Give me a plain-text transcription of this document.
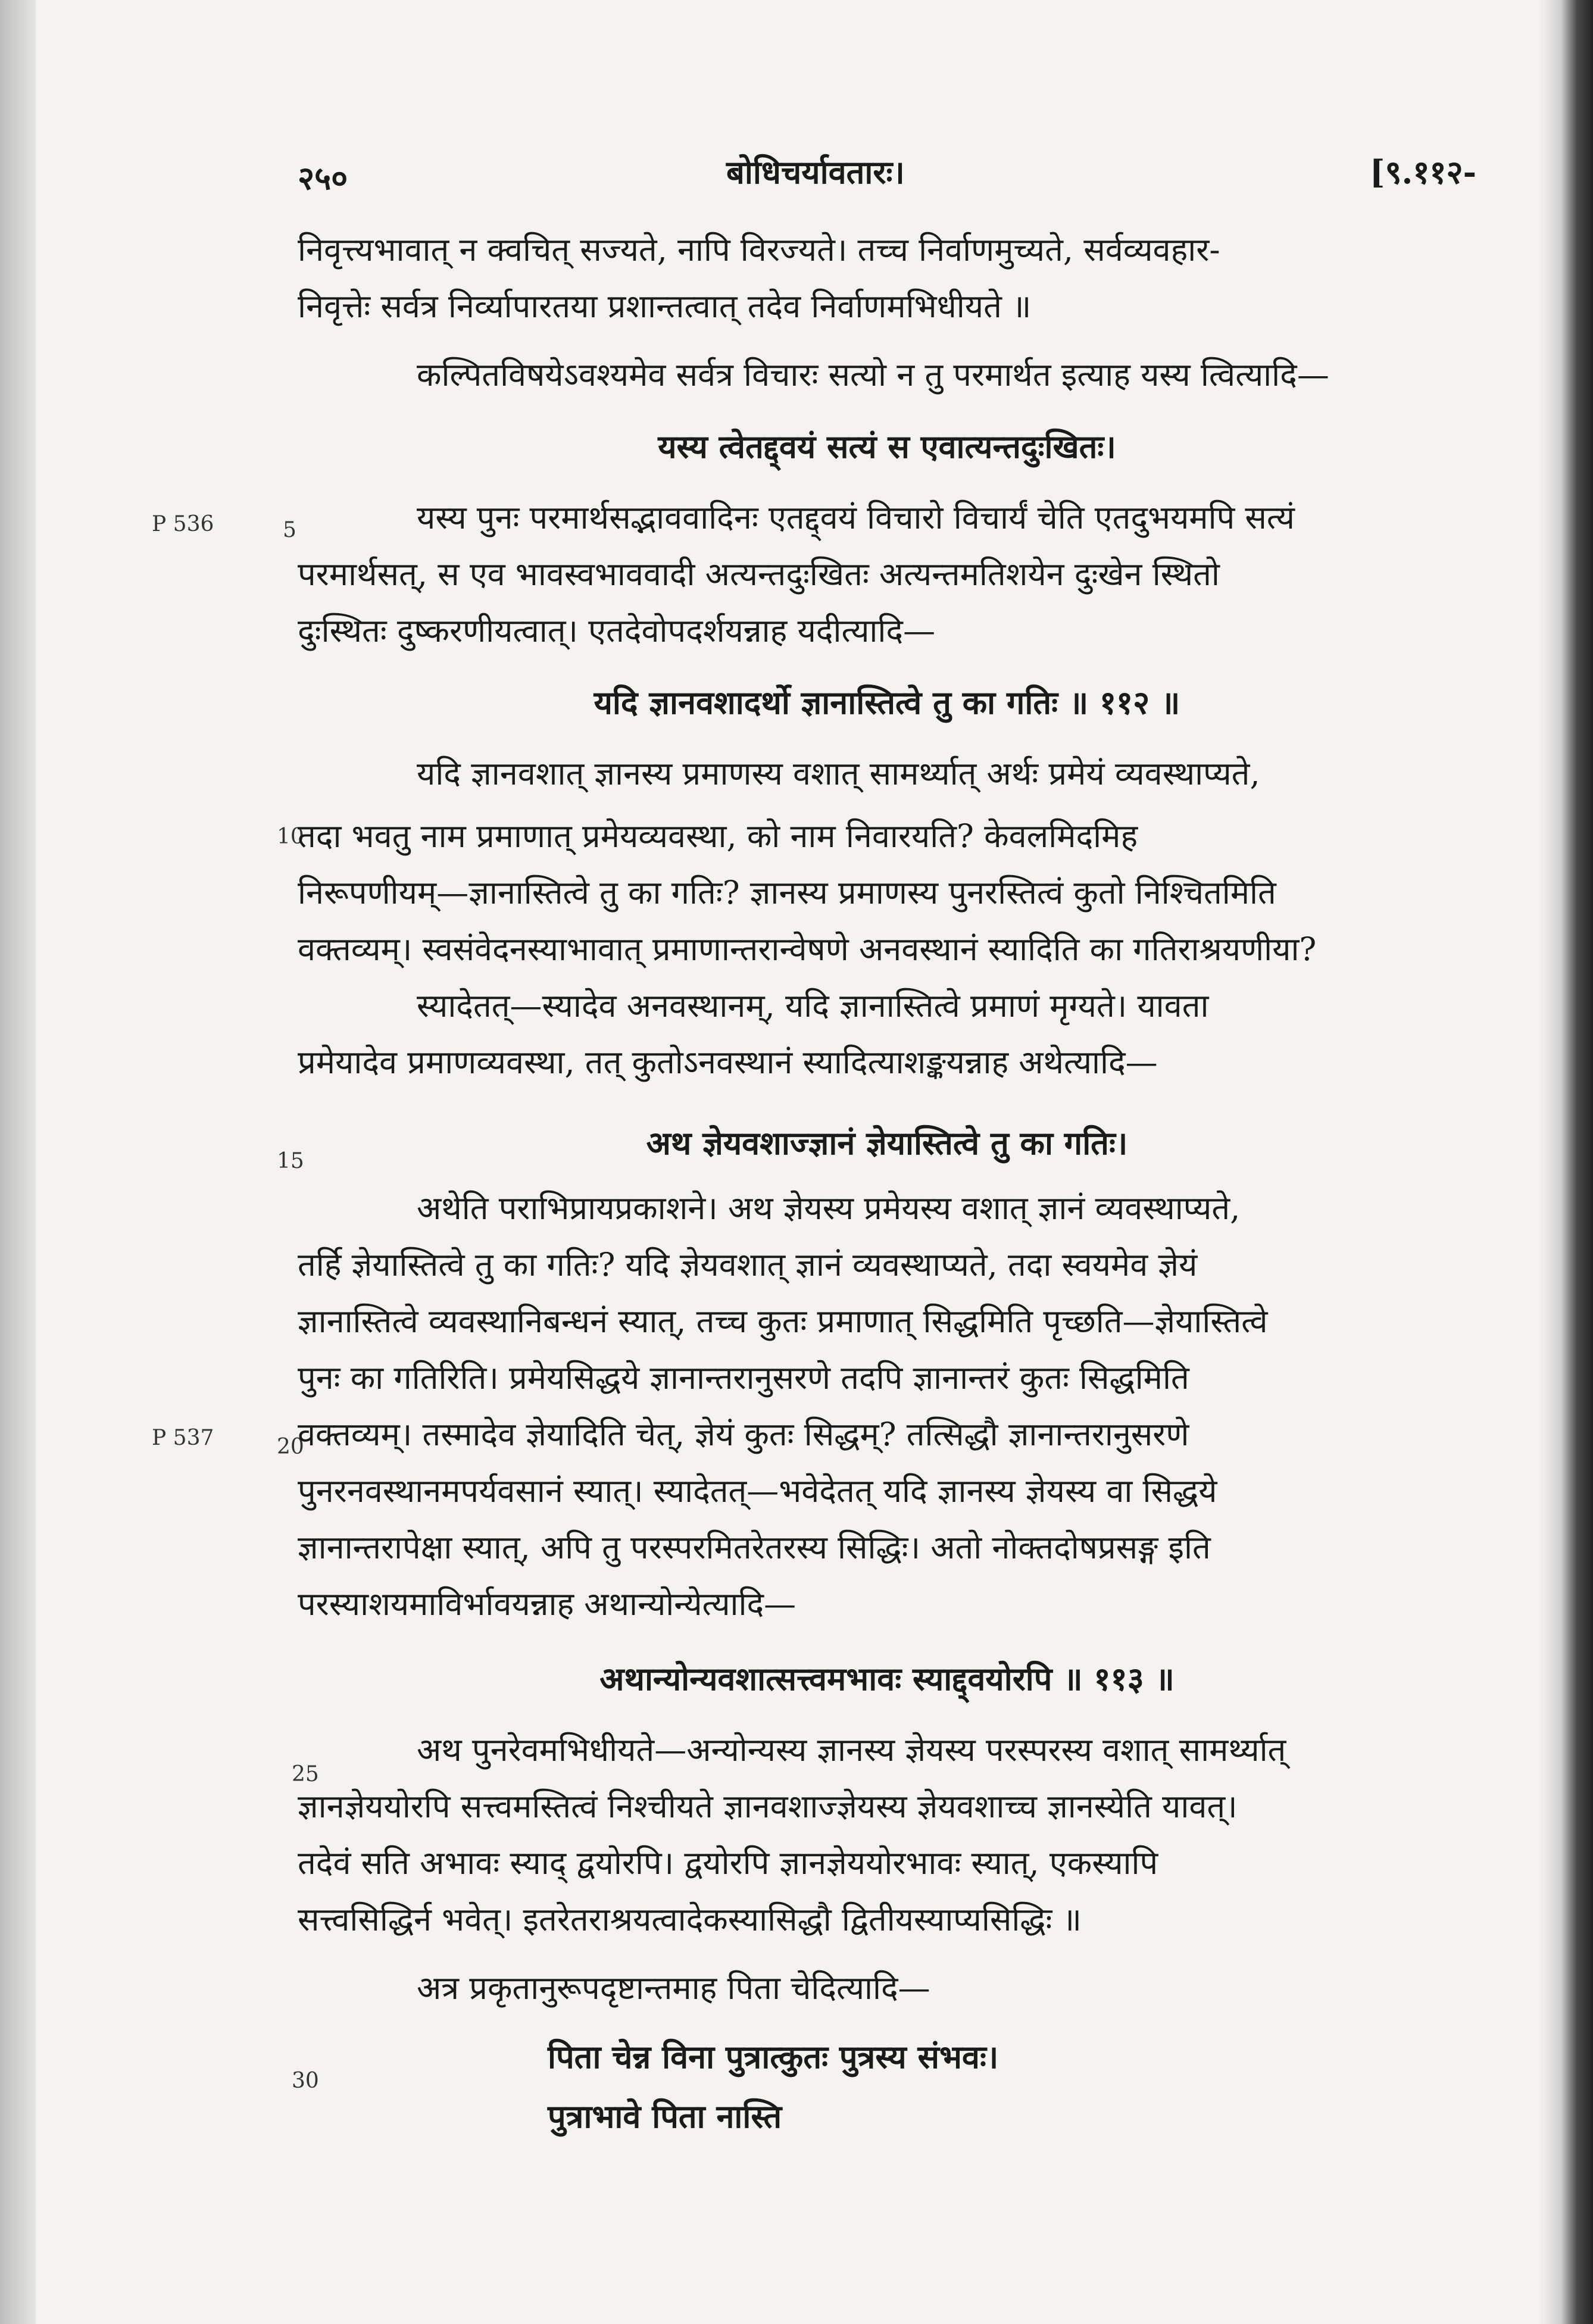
२५०	बोधिचर्यावतारः।	[९.११२-
P 536
P 537
5
10
15
20
25
30
निवृत्त्यभावात् न क्वचित् सज्यते, नापि विरज्यते। तच्च निर्वाणमुच्यते, सर्वव्यवहार-
निवृत्तेः सर्वत्र निर्व्यापारतया प्रशान्तत्वात् तदेव निर्वाणमभिधीयते ॥
कल्पितविषयेऽवश्यमेव सर्वत्र विचारः सत्यो न तु परमार्थत इत्याह यस्य त्वित्यादि—
यस्य त्वेतद्द्वयं सत्यं स एवात्यन्तदुःखितः।
यस्य पुनः परमार्थसद्भाववादिनः एतद्द्वयं विचारो विचार्यं चेति एतदुभयमपि सत्यं
परमार्थसत्, स एव भावस्वभाववादी अत्यन्तदुःखितः अत्यन्तमतिशयेन दुःखेन स्थितो
दुःस्थितः दुष्करणीयत्वात्। एतदेवोपदर्शयन्नाह यदीत्यादि—
यदि ज्ञानवशादर्थो ज्ञानास्तित्वे तु का गतिः ॥ ११२ ॥
यदि ज्ञानवशात् ज्ञानस्य प्रमाणस्य वशात् सामर्थ्यात् अर्थः प्रमेयं व्यवस्थाप्यते,
तदा भवतु नाम प्रमाणात् प्रमेयव्यवस्था, को नाम निवारयति? केवलमिदमिह
निरूपणीयम्—ज्ञानास्तित्वे तु का गतिः? ज्ञानस्य प्रमाणस्य पुनरस्तित्वं कुतो निश्चितमिति
वक्तव्यम्। स्वसंवेदनस्याभावात् प्रमाणान्तरान्वेषणे अनवस्थानं स्यादिति का गतिराश्रयणीया?
स्यादेतत्—स्यादेव अनवस्थानम्, यदि ज्ञानास्तित्वे प्रमाणं मृग्यते। यावता
प्रमेयादेव प्रमाणव्यवस्था, तत् कुतोऽनवस्थानं स्यादित्याशङ्कयन्नाह अथेत्यादि—
अथ ज्ञेयवशाज्ज्ञानं ज्ञेयास्तित्वे तु का गतिः।
अथेति पराभिप्रायप्रकाशने। अथ ज्ञेयस्य प्रमेयस्य वशात् ज्ञानं व्यवस्थाप्यते,
तर्हि ज्ञेयास्तित्वे तु का गतिः? यदि ज्ञेयवशात् ज्ञानं व्यवस्थाप्यते, तदा स्वयमेव ज्ञेयं
ज्ञानास्तित्वे व्यवस्थानिबन्धनं स्यात्, तच्च कुतः प्रमाणात् सिद्धमिति पृच्छति—ज्ञेयास्तित्वे
पुनः का गतिरिति। प्रमेयसिद्धये ज्ञानान्तरानुसरणे तदपि ज्ञानान्तरं कुतः सिद्धमिति
वक्तव्यम्। तस्मादेव ज्ञेयादिति चेत्, ज्ञेयं कुतः सिद्धम्? तत्सिद्धौ ज्ञानान्तरानुसरणे
पुनरनवस्थानमपर्यवसानं स्यात्। स्यादेतत्—भवेदेतत् यदि ज्ञानस्य ज्ञेयस्य वा सिद्धये
ज्ञानान्तरापेक्षा स्यात्, अपि तु परस्परमितरेतरस्य सिद्धिः। अतो नोक्तदोषप्रसङ्ग इति
परस्याशयमाविर्भावयन्नाह अथान्योन्येत्यादि—
अथान्योन्यवशात्सत्त्वमभावः स्याद्द्वयोरपि ॥ ११३ ॥
अथ पुनरेवमभिधीयते—अन्योन्यस्य ज्ञानस्य ज्ञेयस्य परस्परस्य वशात् सामर्थ्यात्
ज्ञानज्ञेययोरपि सत्त्वमस्तित्वं निश्चीयते ज्ञानवशाज्ज्ञेयस्य ज्ञेयवशाच्च ज्ञानस्येति यावत्।
तदेवं सति अभावः स्याद् द्वयोरपि। द्वयोरपि ज्ञानज्ञेययोरभावः स्यात्, एकस्यापि
सत्त्वसिद्धिर्न भवेत्। इतरेतराश्रयत्वादेकस्यासिद्धौ द्वितीयस्याप्यसिद्धिः ॥
अत्र प्रकृतानुरूपदृष्टान्तमाह पिता चेदित्यादि—
पिता चेन्न विना पुत्रात्कुतः पुत्रस्य संभवः।
पुत्राभावे पिता नास्ति
